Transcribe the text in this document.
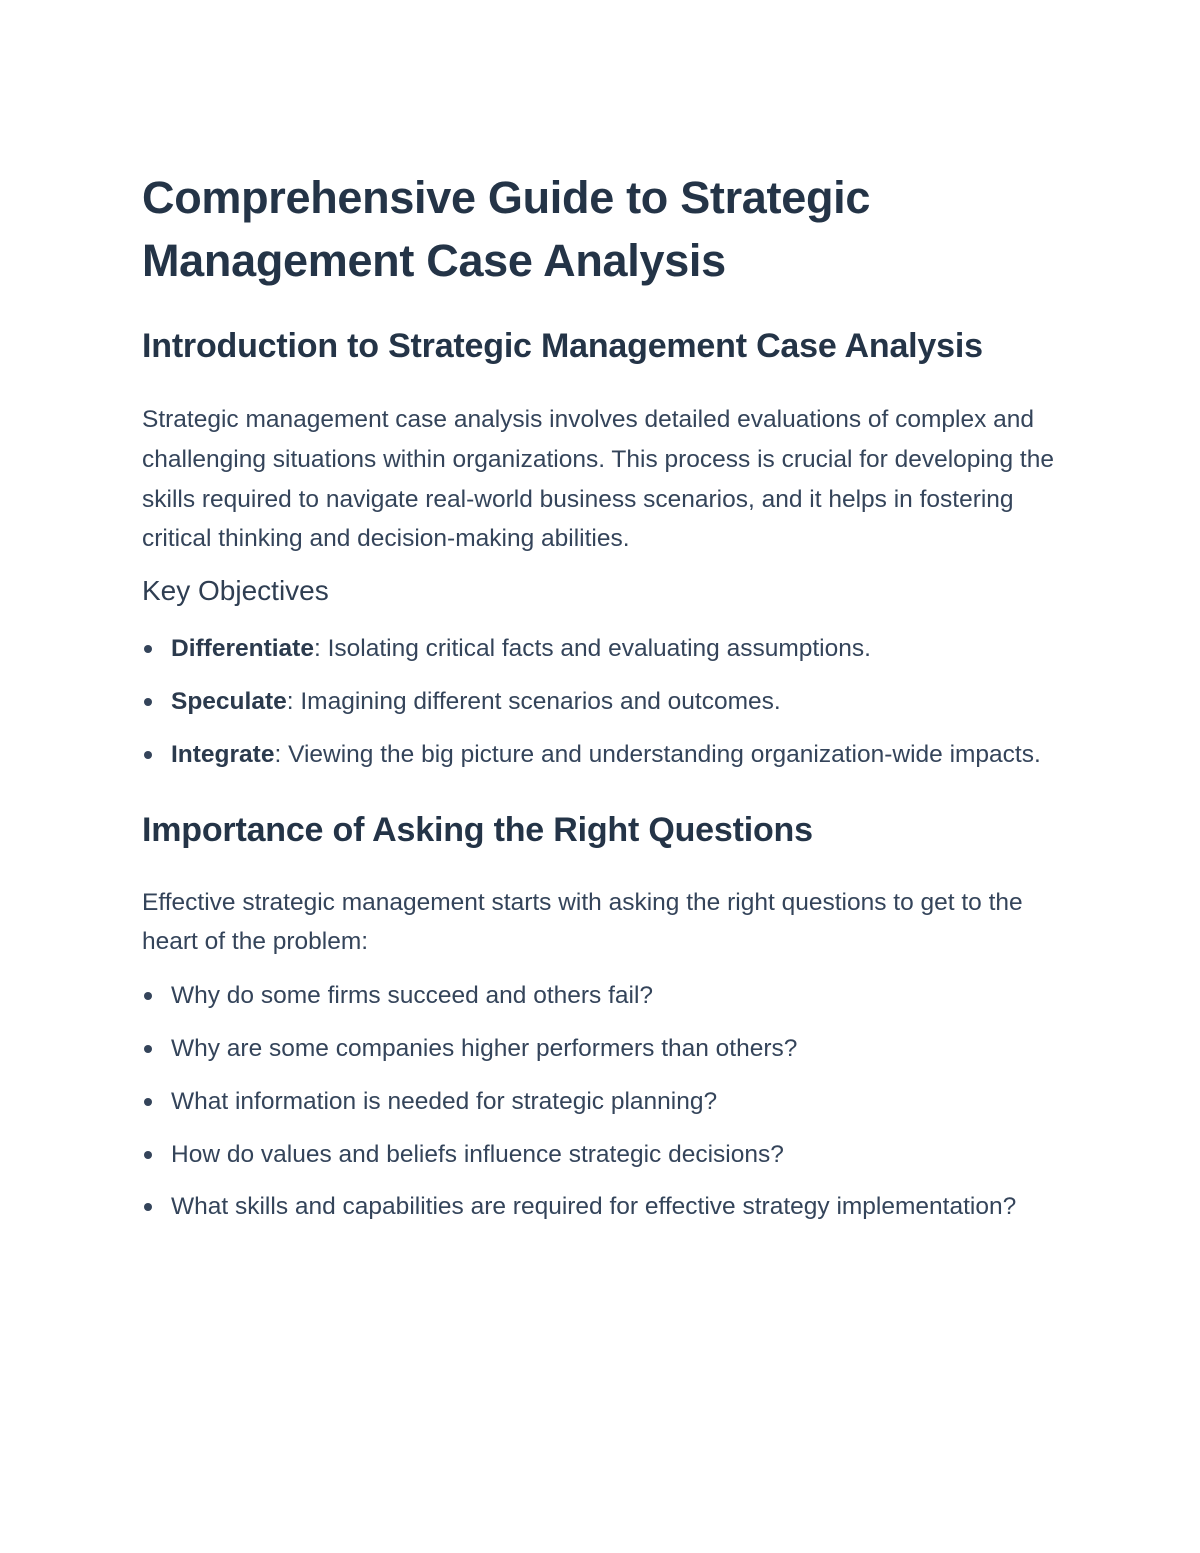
Comprehensive Guide to Strategic Management Case Analysis
Introduction to Strategic Management Case Analysis

Strategic management case analysis involves detailed evaluations of complex and challenging situations within organizations. This process is crucial for developing the skills required to navigate real-world business scenarios, and it helps in fostering critical thinking and decision-making abilities.

Key Objectives
Differentiate: Isolating critical facts and evaluating assumptions.
Speculate: Imagining different scenarios and outcomes.
Integrate: Viewing the big picture and understanding organization-wide impacts.
Importance of Asking the Right Questions

Effective strategic management starts with asking the right questions to get to the heart of the problem:

Why do some firms succeed and others fail?
Why are some companies higher performers than others?
What information is needed for strategic planning?
How do values and beliefs influence strategic decisions?
What skills and capabilities are required for effective strategy implementation?
